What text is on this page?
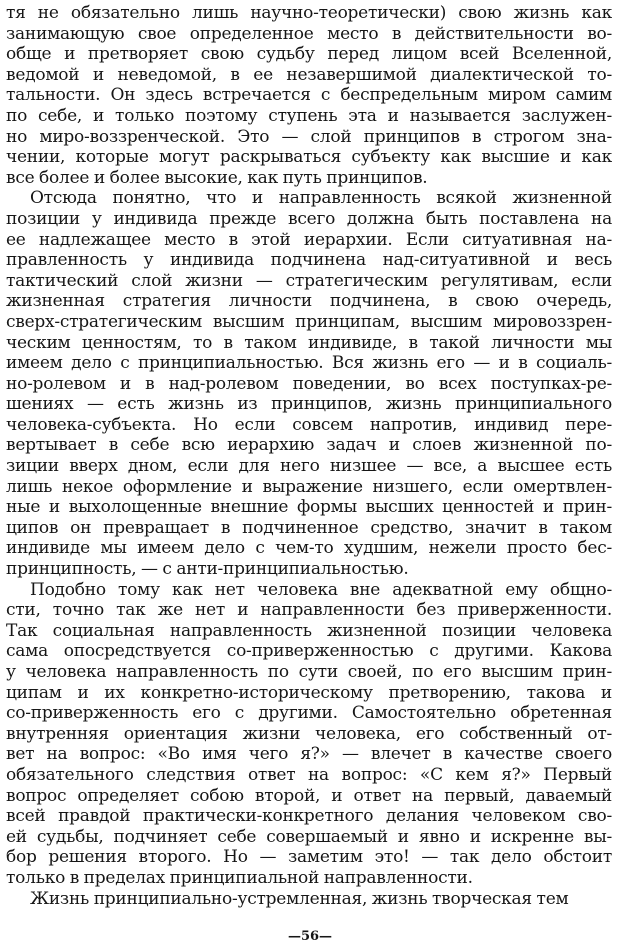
тя не обязательно лишь научно-теоретически) свою жизнь как
занимающую свое определенное место в действительности во-
обще и претворяет свою судьбу перед лицом всей Вселенной,
ведомой и неведомой, в ее незавершимой диалектической то-
тальности. Он здесь встречается с беспредельным миром самим
по себе, и только поэтому ступень эта и называется заслужен-
но миро-воззренческой. Это — слой принципов в строгом зна-
чении, которые могут раскрываться субъекту как высшие и как
все более и более высокие, как путь принципов.

Отсюда понятно, что и направленность всякой жизненной
позиции у индивида прежде всего должна быть поставлена на
ее надлежащее место в этой иерархии. Если ситуативная на-
правленность у индивида подчинена над-ситуативной и весь
тактический слой жизни — стратегическим регулятивам, если
жизненная стратегия личности подчинена, в свою очередь,
сверх-стратегическим высшим принципам, высшим мировоззрен-
ческим ценностям, то в таком индивиде, в такой личности мы
имеем дело с принципиальностью. Вся жизнь его — и в социаль-
но-ролевом и в над-ролевом поведении, во всех поступках-ре-
шениях — есть жизнь из принципов, жизнь принципиального
человека-субъекта. Но если совсем напротив, индивид пере-
вертывает в себе всю иерархию задач и слоев жизненной по-
зиции вверх дном, если для него низшее — все, а высшее есть
лишь некое оформление и выражение низшего, если омертвлен-
ные и выхолощенные внешние формы высших ценностей и прин-
ципов он превращает в подчиненное средство, значит в таком
индивиде мы имеем дело с чем-то худшим, нежели просто бес-
принципность, — с анти-принципиальностью.

Подобно тому как нет человека вне адекватной ему общно-
сти, точно так же нет и направленности без приверженности.
Так социальная направленность жизненной позиции человека
сама опосредствуется со-приверженностью с другими. Какова
у человека направленность по сути своей, по его высшим прин-
ципам и их конкретно-историческому претворению, такова и
со-приверженность его с другими. Самостоятельно обретенная
внутренняя ориентация жизни человека, его собственный от-
вет на вопрос: «Во имя чего я?» — влечет в качестве своего
обязательного следствия ответ на вопрос: «С кем я?» Первый
вопрос определяет собою второй, и ответ на первый, даваемый
всей правдой практически-конкретного делания человеком сво-
ей судьбы, подчиняет себе совершаемый и явно и искренне вы-
бор решения второго. Но — заметим это! — так дело обстоит
только в пределах принципиальной направленности.

Жизнь принципиально-устремленная, жизнь творческая тем

—56—
